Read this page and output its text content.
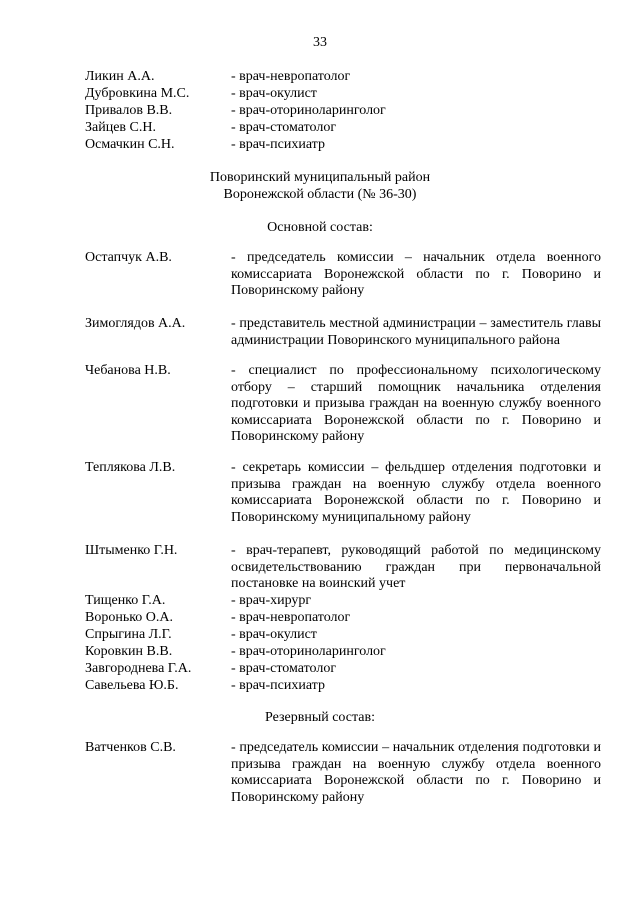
33
Ликин А.А.	- врач-невропатолог
Дубровкина М.С.	- врач-окулист
Привалов В.В.	- врач-оториноларинголог
Зайцев С.Н.	- врач-стоматолог
Осмачкин С.Н.	- врач-психиатр
Поворинский муниципальный район
Воронежской области (№ 36-30)
Основной состав:
Остапчук А.В.	- председатель комиссии – начальник отдела военного комиссариата Воронежской области по г. Поворино и Поворинскому району
Зимоглядов А.А.	- представитель местной администрации – заместитель главы администрации Поворинского муниципального района
Чебанова Н.В.	- специалист по профессиональному психологическому отбору – старший помощник начальника отделения подготовки и призыва граждан на военную службу военного комиссариата Воронежской области по г. Поворино и Поворинскому району
Теплякова Л.В.	- секретарь комиссии – фельдшер отделения подготовки и призыва граждан на военную службу отдела военного комиссариата Воронежской области по г. Поворино и Поворинскому муниципальному району
Штыменко Г.Н.	- врач-терапевт, руководящий работой по медицинскому освидетельствованию граждан при первоначальной постановке на воинский учет
Тищенко Г.А.	- врач-хирург
Воронько О.А.	- врач-невропатолог
Спрыгина Л.Г.	- врач-окулист
Коровкин В.В.	- врач-оториноларинголог
Завгороднева Г.А.	- врач-стоматолог
Савельева Ю.Б.	- врач-психиатр
Резервный состав:
Ватченков С.В.	- председатель комиссии – начальник отделения подготовки и призыва граждан на военную службу отдела военного комиссариата Воронежской области по г. Поворино и Поворинскому району
